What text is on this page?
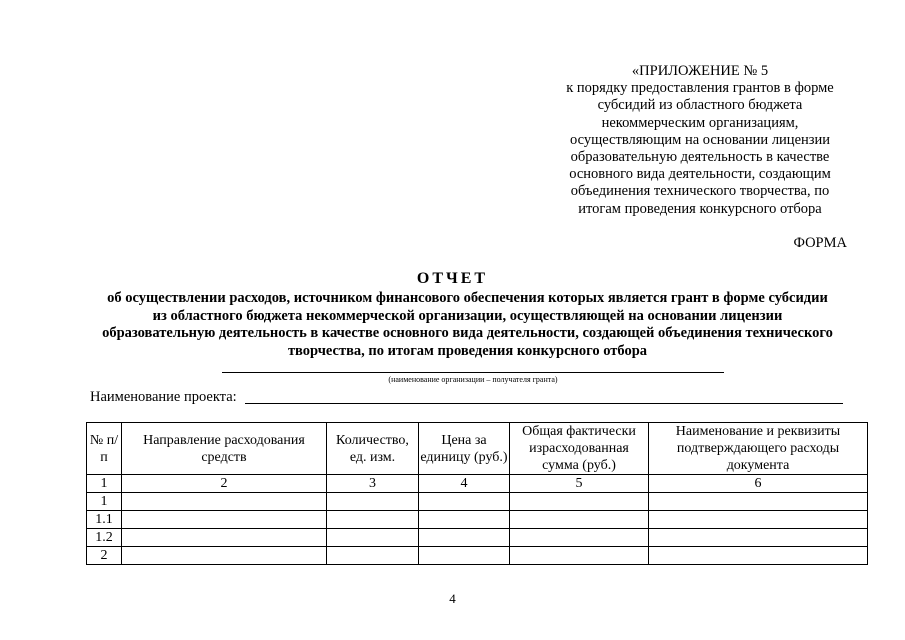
«ПРИЛОЖЕНИЕ № 5
к порядку предоставления грантов в форме
субсидий из областного бюджета
некоммерческим организациям,
осуществляющим на основании лицензии
образовательную деятельность в качестве
основного вида деятельности, создающим
объединения технического творчества, по
итогам проведения конкурсного отбора
ФОРМА
ОТЧЕТ
об осуществлении расходов, источником финансового обеспечения которых является грант в форме субсидии
из областного бюджета некоммерческой организации, осуществляющей на основании лицензии
образовательную деятельность в качестве основного вида деятельности, создающей объединения технического
творчества, по итогам проведения конкурсного отбора
(наименование организации – получателя гранта)
Наименование проекта:
№ п/п	Направление расходования средств	Количество, ед. изм.	Цена за единицу (руб.)	Общая фактически израсходованная сумма (руб.)	Наименование и реквизиты подтверждающего расходы документа
1	2	3	4	5	6
1					
1.1					
1.2					
2					
4
